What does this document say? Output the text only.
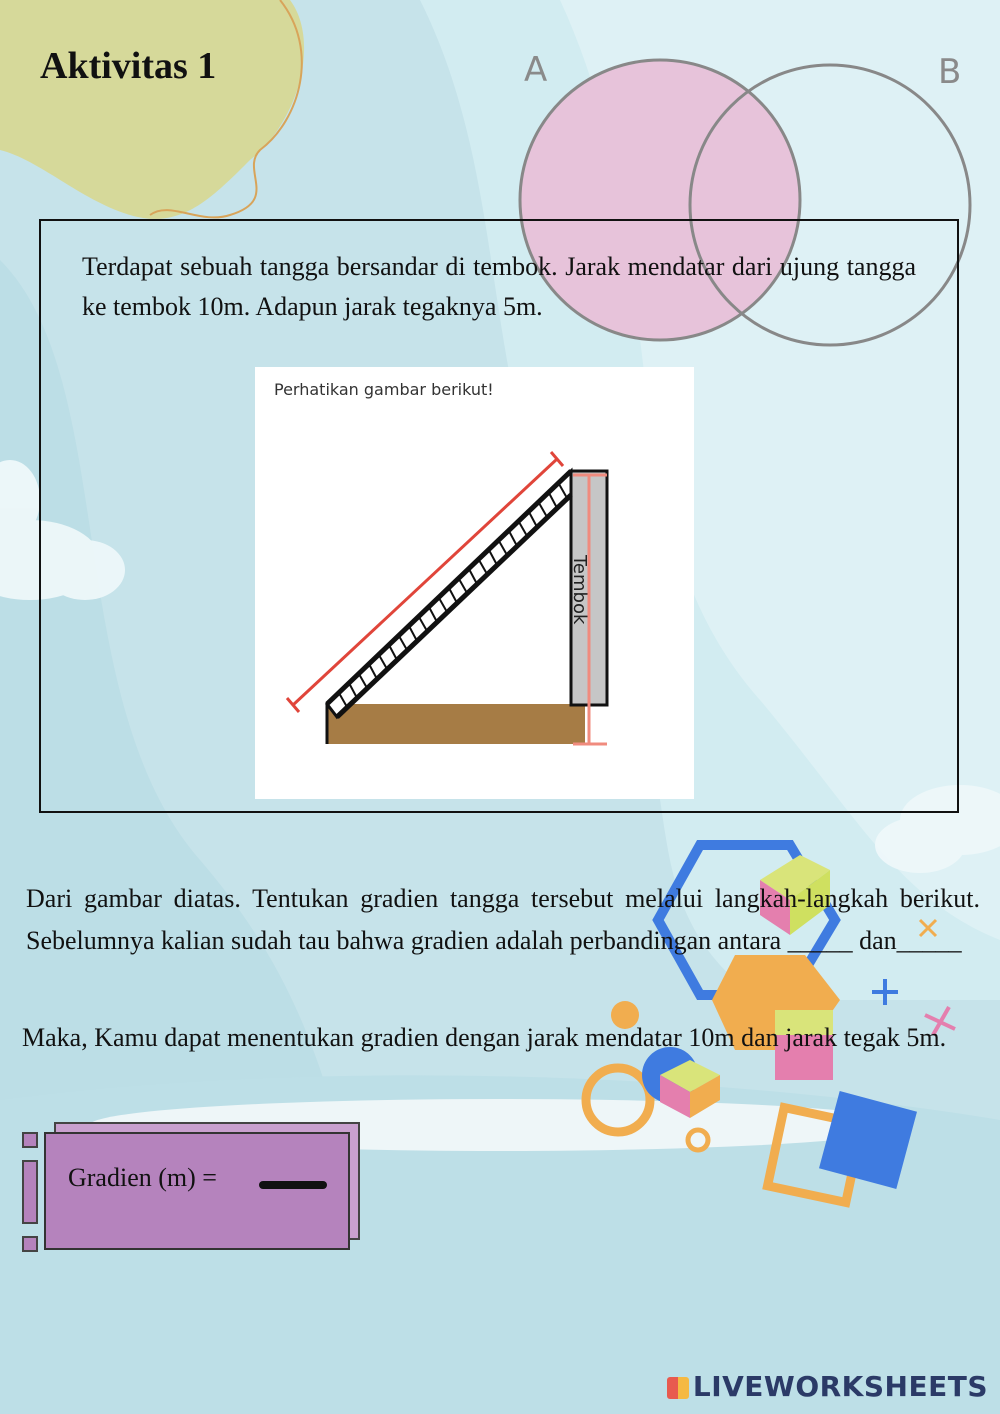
A	B
Aktivitas 1
Terdapat sebuah tangga bersandar di tembok. Jarak mendatar dari ujung tangga ke tembok 10m. Adapun jarak tegaknya 5m.
Perhatikan gambar berikut!
Tembok
Dari gambar diatas. Tentukan gradien tangga tersebut melalui langkah-langkah berikut. Sebelumnya kalian sudah tau bahwa gradien adalah perbandingan antara _____ dan_____
Maka, Kamu dapat menentukan gradien dengan jarak mendatar 10m dan jarak tegak 5m.
Gradien (m) =
LIVEWORKSHEETS
